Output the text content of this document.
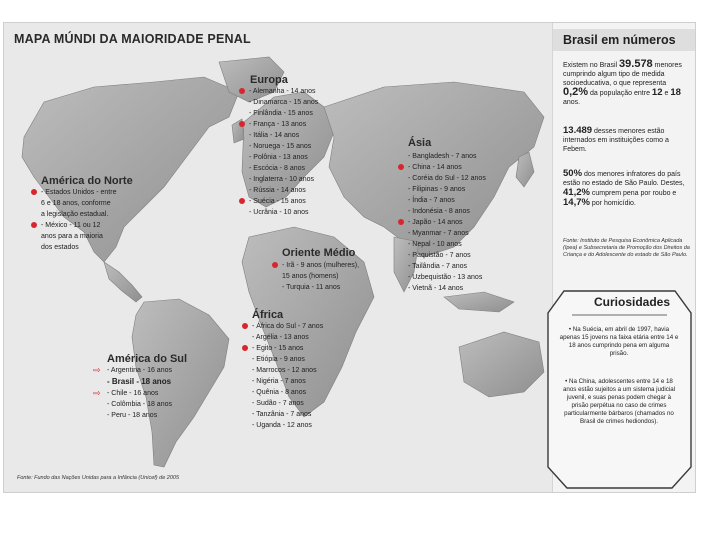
MAPA MÚNDI DA MAIORIDADE PENAL
Europa
- Alemanha - 14 anos
- Dinamarca - 15 anos
- Finlândia - 15 anos
- França - 13 anos
- Itália - 14 anos
- Noruega - 15 anos
- Polônia - 13 anos
- Escócia - 8 anos
- Inglaterra - 10 anos
- Rússia - 14 anos
- Suécia - 15 anos
- Ucrânia - 10 anos
América do Norte
- Estados Unidos - entre
6 e 18 anos, conforme
a legislação estadual.
- México - 11 ou 12
anos para a maioria
dos estados
Ásia
- Bangladesh - 7 anos
- China - 14 anos
- Coréia do Sul - 12 anos
- Filipinas - 9 anos
- Índia - 7 anos
- Indonésia - 8 anos
- Japão - 14 anos
- Myanmar - 7 anos
- Nepal - 10 anos
- Paquistão - 7 anos
- Tailândia - 7 anos
- Uzbequistão - 13 anos
- Vietnã - 14 anos
Oriente Médio
- Irã - 9 anos (mulheres),
15 anos (homens)
- Turquia - 11 anos
África
- África do Sul - 7 anos
- Argélia - 13 anos
- Egito - 15 anos
- Etiópia - 9 anos
- Marrocos - 12 anos
- Nigéria - 7 anos
- Quênia - 8 anos
- Sudão - 7 anos
- Tanzânia - 7 anos
- Uganda - 12 anos
América do Sul
⇨ - Argentina - 16 anos
- Brasil - 18 anos
⇨ - Chile - 16 anos
- Colômbia - 18 anos
- Peru - 18 anos
Fonte: Fundo das Nações Unidas para a Infância (Unicef) de 2005
Brasil em números
Existem no Brasil 39.578 menores cumprindo algum tipo de medida socioeducativa, o que representa 0,2% da população entre 12 e 18 anos.
13.489 desses menores estão internados em instituições como a Febem.
50% dos menores infratores do país estão no estado de São Paulo. Destes, 41,2% cumprem pena por roubo e 14,7% por homicídio.
Fonte: Instituto de Pesquisa Econômica Aplicada (Ipea) e Subsecretaria de Promoção dos Direitos da Criança e do Adolescente do estado de São Paulo.
Curiosidades
• Na Suécia, em abril de 1997, havia apenas 15 jovens na faixa etária entre 14 e 18 anos cumprindo pena em alguma prisão.
• Na China, adolescentes entre 14 e 18 anos estão sujeitos a um sistema judicial juvenil, e suas penas podem chegar à prisão perpétua no caso de crimes particularmente bárbaros (chamados no Brasil de crimes hediondos).
